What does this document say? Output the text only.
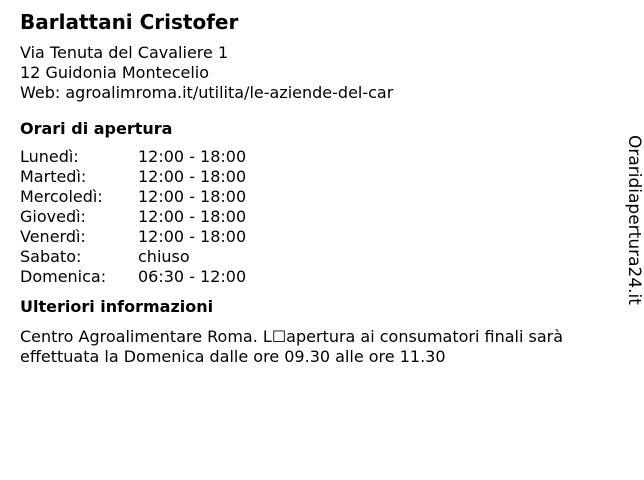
Barlattani Cristofer
Via Tenuta del Cavaliere 1
12 Guidonia Montecelio
Web: agroalimroma.it/utilita/le-aziende-del-car
Orari di apertura
Lunedì:	12:00 - 18:00
Martedì:	12:00 - 18:00
Mercoledì:	12:00 - 18:00
Giovedì:	12:00 - 18:00
Venerdì:	12:00 - 18:00
Sabato:	chiuso
Domenica:	06:30 - 12:00
Ulteriori informazioni
Centro Agroalimentare Roma. L☐apertura ai consumatori finali sarà effettuata la Domenica dalle ore 09.30 alle ore 11.30
Oraridiapertura24.it
